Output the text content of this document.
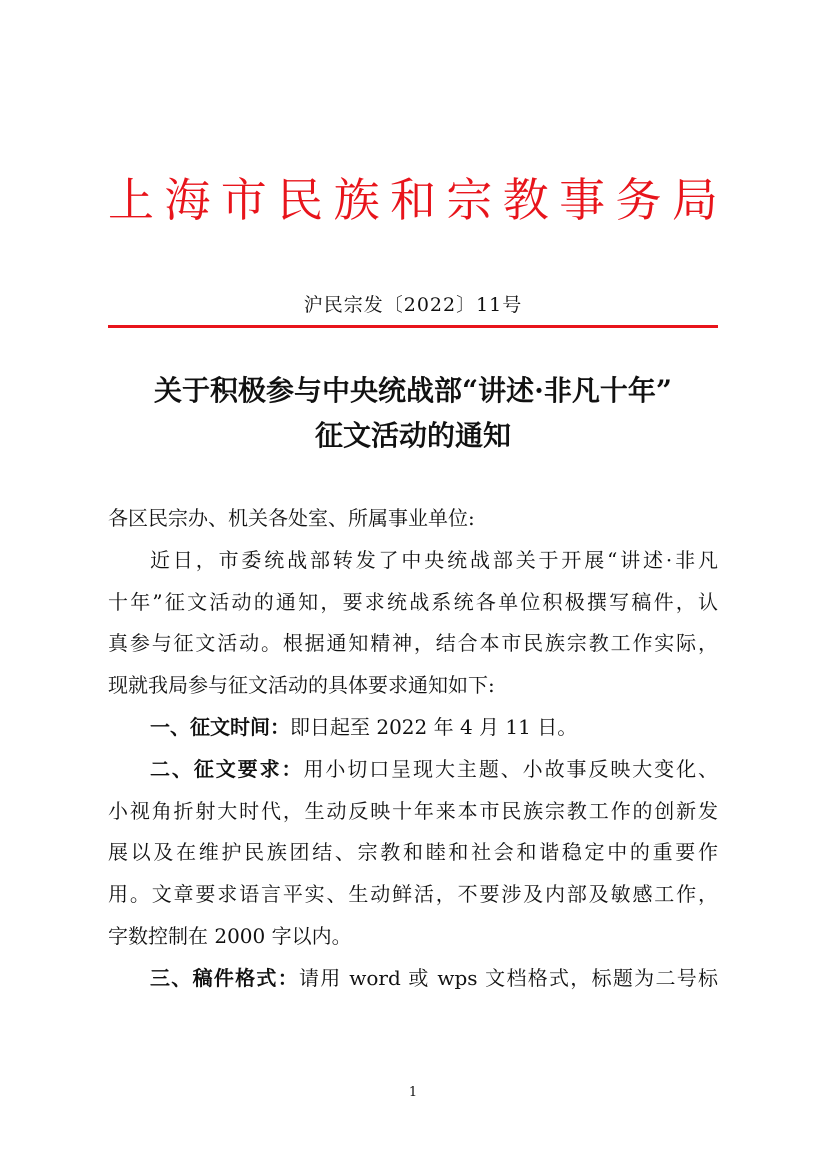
上 海 市 民 族 和 宗 教 事 务 局
沪民宗发〔2022〕11号
关于积极参与中央统战部“讲述·非凡十年”
征文活动的通知
各区民宗办、机关各处室、所属事业单位:
近日，市委统战部转发了中央统战部关于开展“讲述·非凡
十年”征文活动的通知，要求统战系统各单位积极撰写稿件，认
真参与征文活动。根据通知精神，结合本市民族宗教工作实际，
现就我局参与征文活动的具体要求通知如下:
一、征文时间：即日起至 2022 年 4 月 11 日。
二、征文要求：用小切口呈现大主题、小故事反映大变化、
小视角折射大时代，生动反映十年来本市民族宗教工作的创新发
展以及在维护民族团结、宗教和睦和社会和谐稳定中的重要作
用。文章要求语言平实、生动鲜活，不要涉及内部及敏感工作，
字数控制在 2000 字以内。
三、稿件格式：请用 word 或 wps 文档格式，标题为二号标
1
